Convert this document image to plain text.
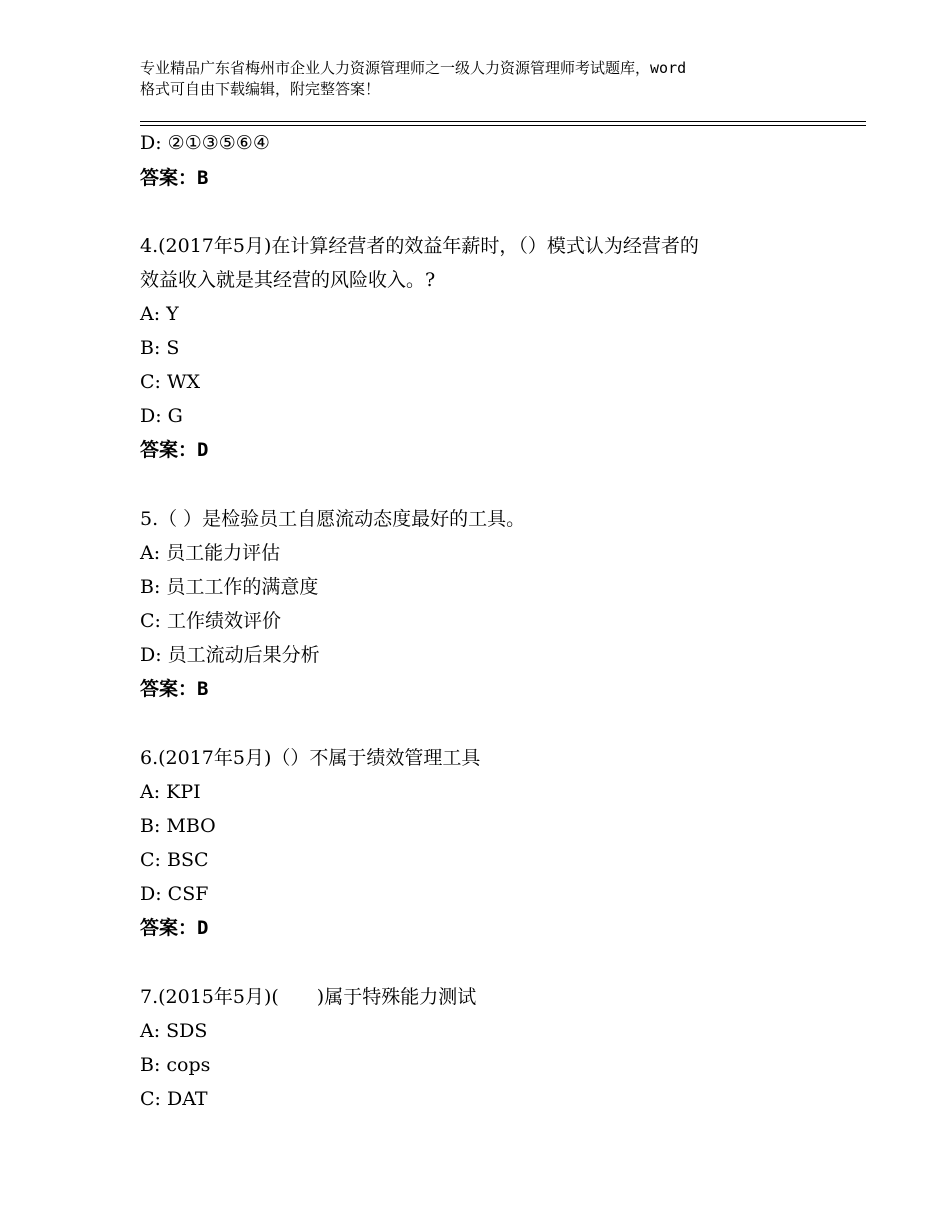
专业精品广东省梅州市企业人力资源管理师之一级人力资源管理师考试题库，word
格式可自由下载编辑，附完整答案！
D: ②①③⑤⑥④
答案：B
4.(2017年5月)在计算经营者的效益年薪时，（）模式认为经营者的
效益收入就是其经营的风险收入。?
A: Y
B: S
C: WX
D: G
答案：D
5.（ ）是检验员工自愿流动态度最好的工具。
A: 员工能力评估
B: 员工工作的满意度
C: 工作绩效评价
D: 员工流动后果分析
答案：B
6.(2017年5月)（）不属于绩效管理工具
A: KPI
B: MBO
C: BSC
D: CSF
答案：D
7.(2015年5月)(　　)属于特殊能力测试
A: SDS
B: cops
C: DAT
